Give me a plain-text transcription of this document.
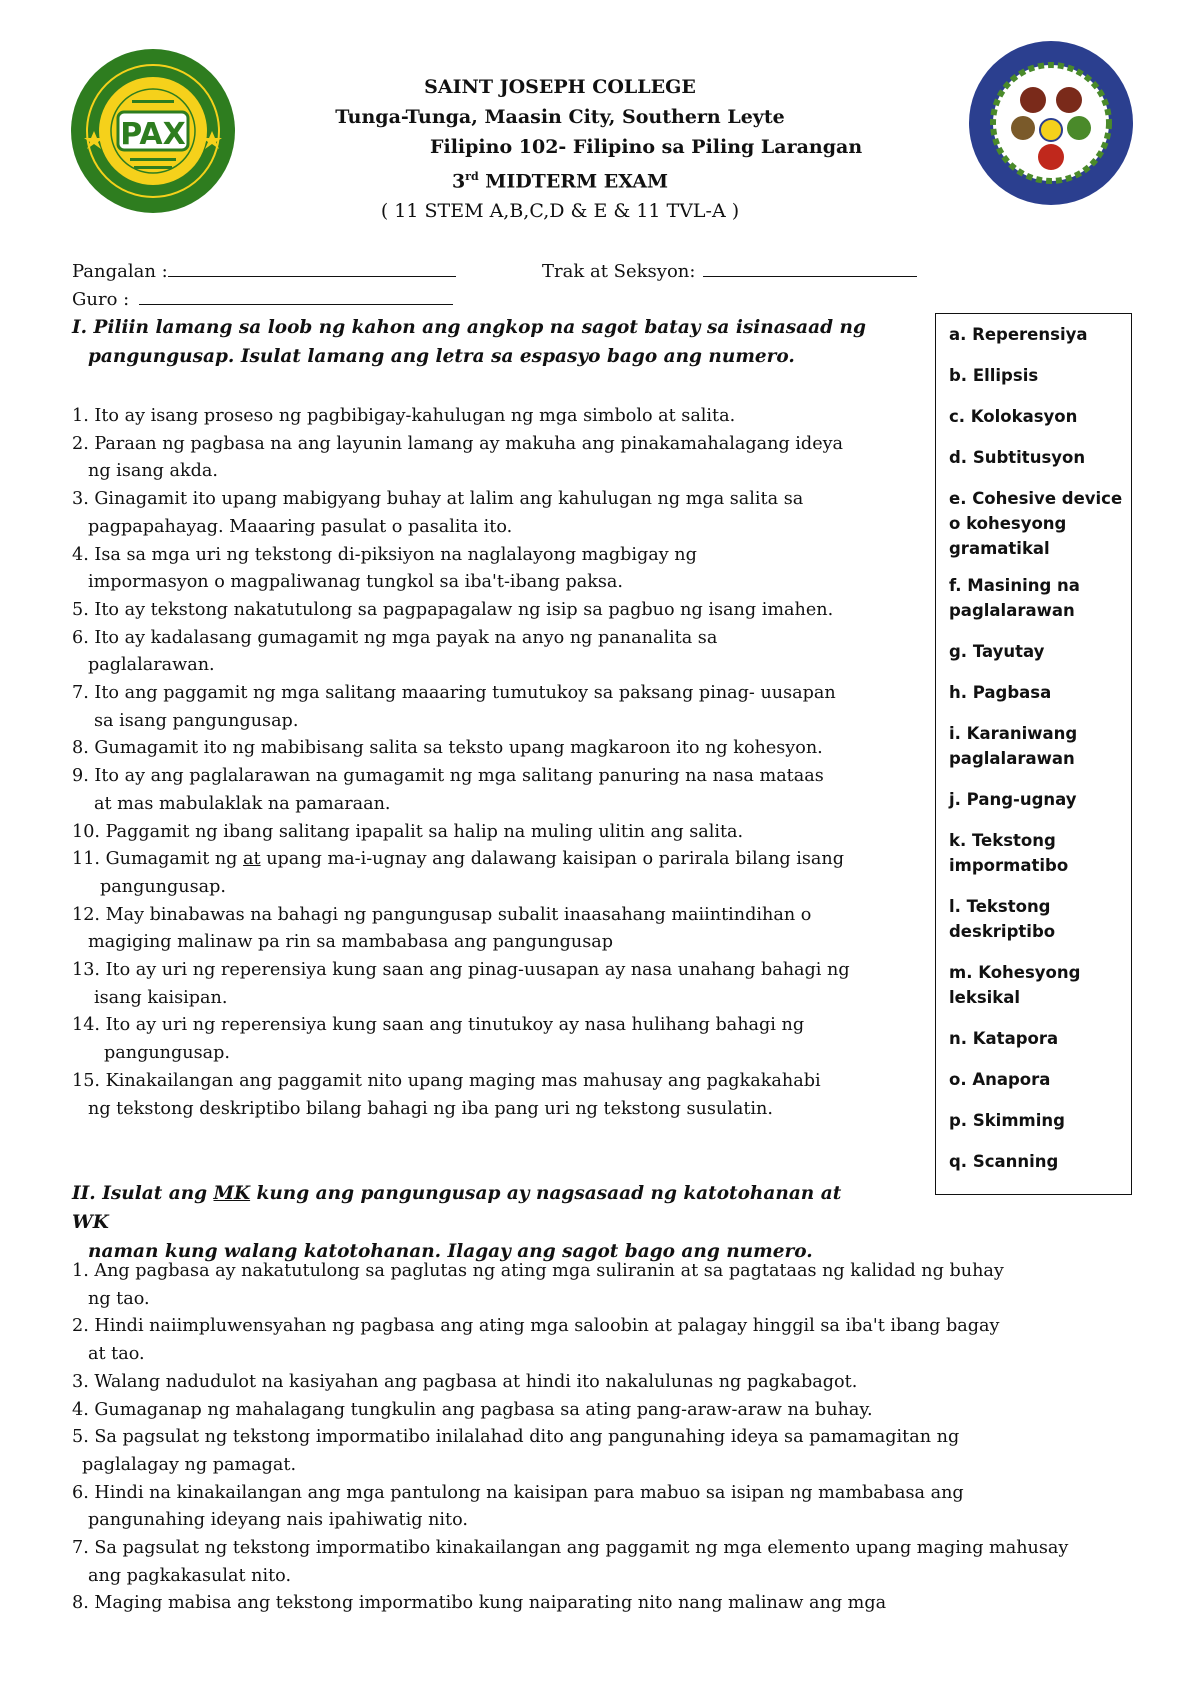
PAX
SAINT JOSEPH COLLEGE
Tunga-Tunga, Maasin City, Southern Leyte
Filipino 102- Filipino sa Piling Larangan
3rd MIDTERM EXAM
( 11 STEM A,B,C,D & E & 11 TVL-A )
Pangalan :	Trak at Seksyon:
Guro :
I. Piliin lamang sa loob ng kahon ang angkop na sagot batay sa isinasaad ng
pangungusap. Isulat lamang ang letra sa espasyo bago ang numero.
1. Ito ay isang proseso ng pagbibigay-kahulugan ng mga simbolo at salita.
2. Paraan ng pagbasa na ang layunin lamang ay makuha ang pinakamahalagang ideya
ng isang akda.
3. Ginagamit ito upang mabigyang buhay at lalim ang kahulugan ng mga salita sa
pagpapahayag. Maaaring pasulat o pasalita ito.
4. Isa sa mga uri ng tekstong di-piksiyon na naglalayong magbigay ng
impormasyon o magpaliwanag tungkol sa iba't-ibang paksa.
5. Ito ay tekstong nakatutulong sa pagpapagalaw ng isip sa pagbuo ng isang imahen.
6. Ito ay kadalasang gumagamit ng mga payak na anyo ng pananalita sa
paglalarawan.
7. Ito ang paggamit ng mga salitang maaaring tumutukoy sa paksang pinag- uusapan
sa isang pangungusap.
8. Gumagamit ito ng mabibisang salita sa teksto upang magkaroon ito ng kohesyon.
9. Ito ay ang paglalarawan na gumagamit ng mga salitang panuring na nasa mataas
at mas mabulaklak na pamaraan.
10. Paggamit ng ibang salitang ipapalit sa halip na muling ulitin ang salita.
11. Gumagamit ng at upang ma-i-ugnay ang dalawang kaisipan o parirala bilang isang
pangungusap.
12. May binabawas na bahagi ng pangungusap subalit inaasahang maiintindihan o
magiging malinaw pa rin sa mambabasa ang pangungusap
13. Ito ay uri ng reperensiya kung saan ang pinag-uusapan ay nasa unahang bahagi ng
isang kaisipan.
14. Ito ay uri ng reperensiya kung saan ang tinutukoy ay nasa hulihang bahagi ng
pangungusap.
15. Kinakailangan ang paggamit nito upang maging mas mahusay ang pagkakahabi
ng tekstong deskriptibo bilang bahagi ng iba pang uri ng tekstong susulatin.
a. Reperensiya
b. Ellipsis
c. Kolokasyon
d. Subtitusyon
e. Cohesive device o kohesyong gramatikal
f. Masining na paglalarawan
g. Tayutay
h. Pagbasa
i. Karaniwang paglalarawan
j. Pang-ugnay
k. Tekstong impormatibo
l. Tekstong deskriptibo
m. Kohesyong leksikal
n. Katapora
o. Anapora
p. Skimming
q. Scanning
II. Isulat ang MK kung ang pangungusap ay nagsasaad ng katotohanan at WK
naman kung walang katotohanan. Ilagay ang sagot bago ang numero.
1. Ang pagbasa ay nakatutulong sa paglutas ng ating mga suliranin at sa pagtataas ng kalidad ng buhay
ng tao.
2. Hindi naiimpluwensyahan ng pagbasa ang ating mga saloobin at palagay hinggil sa iba't ibang bagay
at tao.
3. Walang nadudulot na kasiyahan ang pagbasa at hindi ito nakalulunas ng pagkabagot.
4. Gumaganap ng mahalagang tungkulin ang pagbasa sa ating pang-araw-araw na buhay.
5. Sa pagsulat ng tekstong impormatibo inilalahad dito ang pangunahing ideya sa pamamagitan ng
paglalagay ng pamagat.
6. Hindi na kinakailangan ang mga pantulong na kaisipan para mabuo sa isipan ng mambabasa ang
pangunahing ideyang nais ipahiwatig nito.
7. Sa pagsulat ng tekstong impormatibo kinakailangan ang paggamit ng mga elemento upang maging mahusay
ang pagkakasulat nito.
8. Maging mabisa ang tekstong impormatibo kung naiparating nito nang malinaw ang mga
